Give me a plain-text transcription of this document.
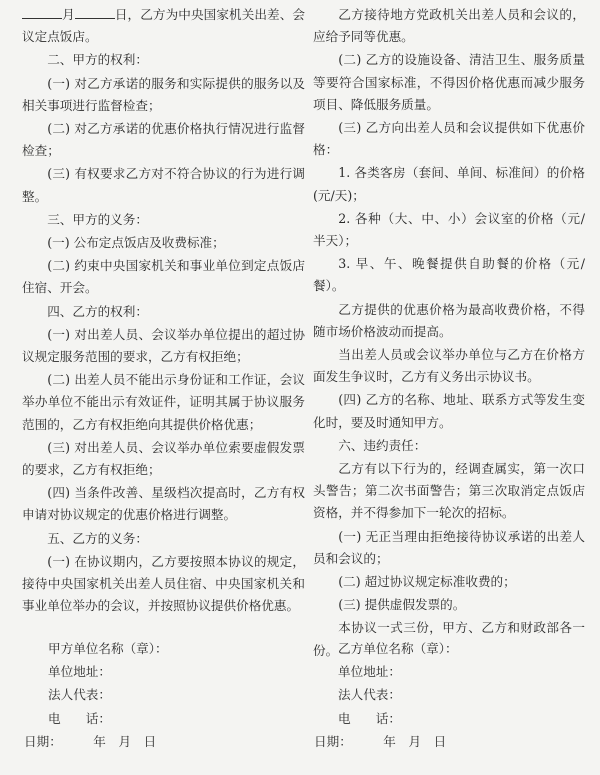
月	日，乙方为中央国家机关出差、会议定点饭店。

二、甲方的权利：

(一) 对乙方承诺的服务和实际提供的服务以及相关事项进行监督检查；

(二) 对乙方承诺的优惠价格执行情况进行监督检查；

(三) 有权要求乙方对不符合协议的行为进行调整。

三、甲方的义务：

(一) 公布定点饭店及收费标准；

(二) 约束中央国家机关和事业单位到定点饭店住宿、开会。

四、乙方的权利：

(一) 对出差人员、会议举办单位提出的超过协议规定服务范围的要求，乙方有权拒绝；

(二) 出差人员不能出示身份证和工作证，会议举办单位不能出示有效证件，证明其属于协议服务范围的，乙方有权拒绝向其提供价格优惠；

(三) 对出差人员、会议举办单位索要虚假发票的要求，乙方有权拒绝；

(四) 当条件改善、星级档次提高时，乙方有权申请对协议规定的优惠价格进行调整。

五、乙方的义务：

(一) 在协议期内，乙方要按照本协议的规定，接待中央国家机关出差人员住宿、中央国家机关和事业单位举办的会议，并按照协议提供价格优惠。

乙方接待地方党政机关出差人员和会议的，应给予同等优惠。

(二) 乙方的设施设备、清洁卫生、服务质量等要符合国家标准，不得因价格优惠而减少服务项目、降低服务质量。

(三) 乙方向出差人员和会议提供如下优惠价格：

1. 各类客房（套间、单间、标准间）的价格(元/天)；

2. 各种（大、中、小）会议室的价格（元/半天）；

3. 早、午、晚餐提供自助餐的价格（元/餐）。

乙方提供的优惠价格为最高收费价格，不得随市场价格波动而提高。

当出差人员或会议举办单位与乙方在价格方面发生争议时，乙方有义务出示协议书。

(四) 乙方的名称、地址、联系方式等发生变化时，要及时通知甲方。

六、违约责任：

乙方有以下行为的，经调查属实，第一次口头警告；第二次书面警告；第三次取消定点饭店资格，并不得参加下一轮次的招标。

(一) 无正当理由拒绝接待协议承诺的出差人员和会议的；

(二) 超过协议规定标准收费的；

(三) 提供虚假发票的。

本协议一式三份，甲方、乙方和财政部各一份。

甲方单位名称（章）：
单位地址：
法人代表：
电　　话：
日期：　　　年　月　日
乙方单位名称（章）：
单位地址：
法人代表：
电　　话：
日期：　　　年　月　日
